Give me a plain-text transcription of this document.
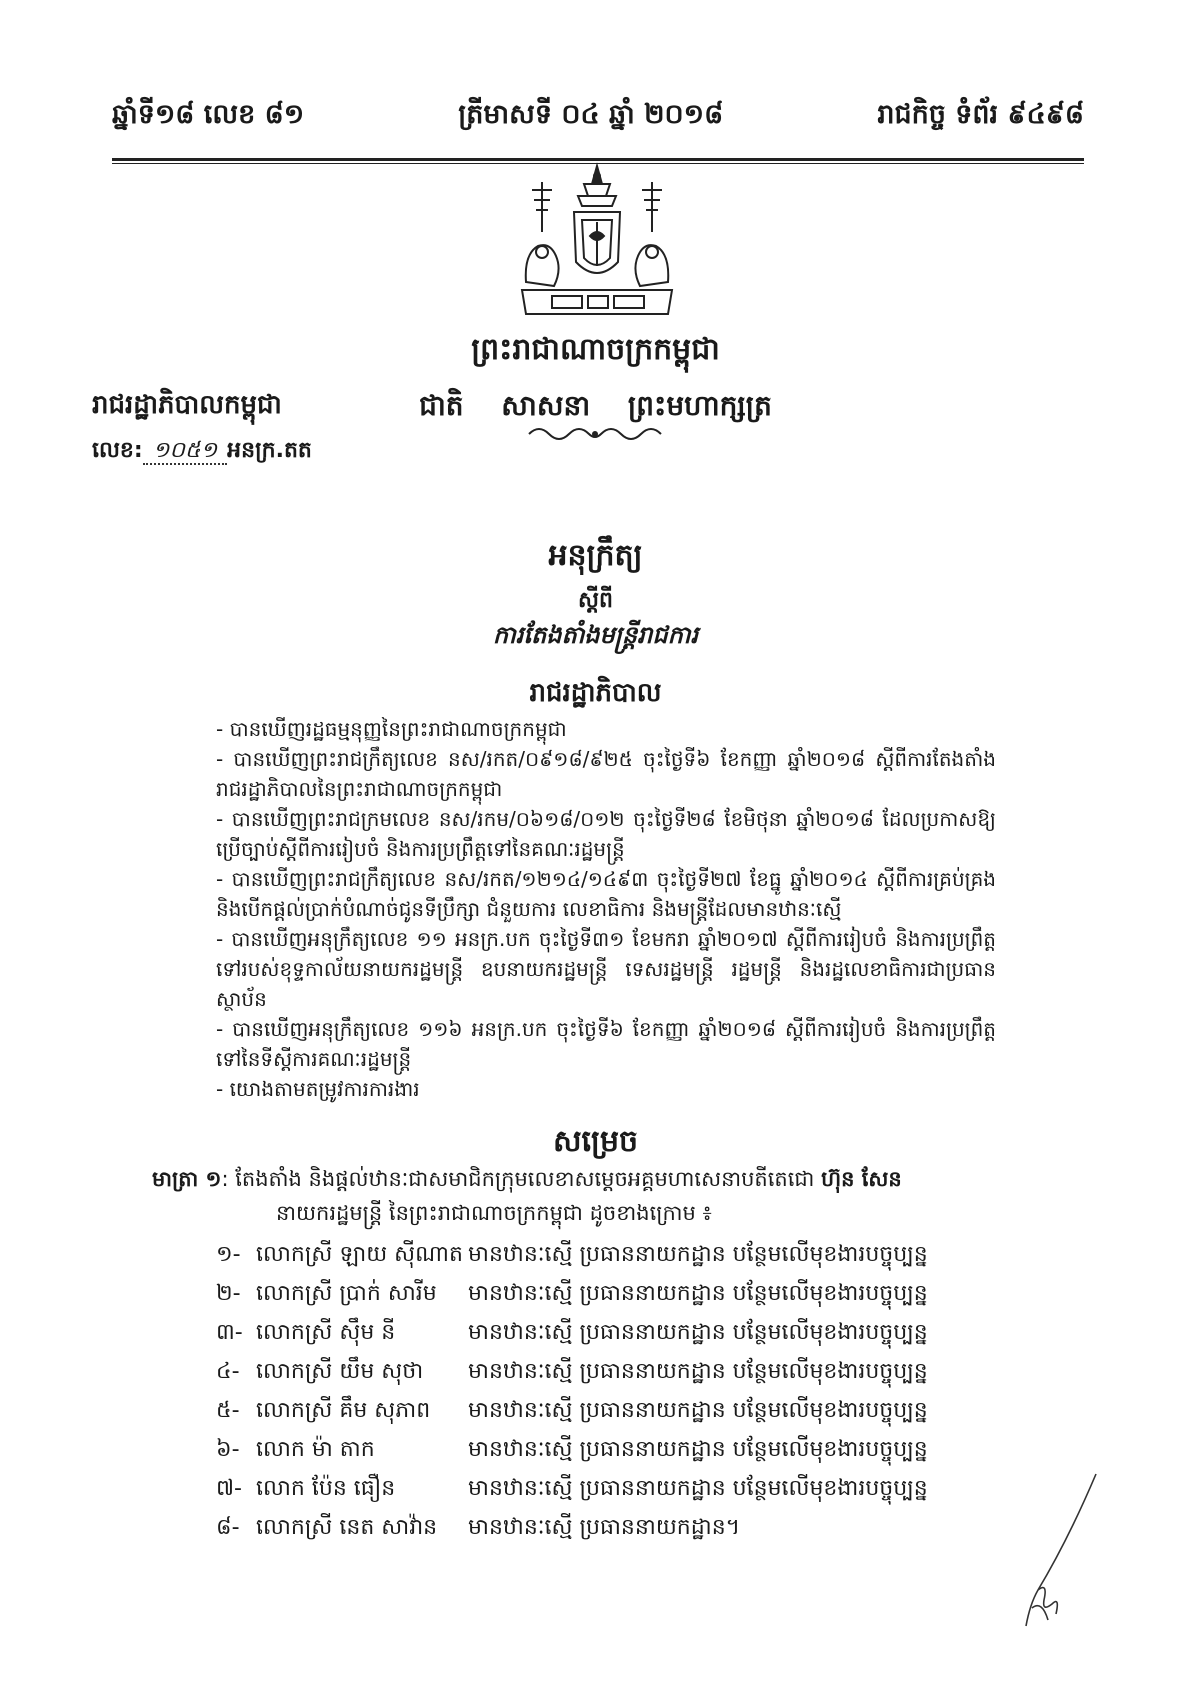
ឆ្នាំទី១៨ លេខ ៨១	ត្រីមាសទី ០៤ ឆ្នាំ ២០១៨	រាជកិច្ច ទំព័រ ៩៤៩៨
ព្រះរាជាណាចក្រកម្ពុជា
ជាតិ សាសនា ព្រះមហាក្សត្រ
រាជរដ្ឋាភិបាលកម្ពុជា
លេខ: ១០៥១ អនក្រ.តត
អនុក្រឹត្យ
ស្តីពី
ការតែងតាំងមន្ត្រីរាជការ
រាជរដ្ឋាភិបាល
- បានឃើញរដ្ឋធម្មនុញ្ញនៃព្រះរាជាណាចក្រកម្ពុជា
- បានឃើញព្រះរាជក្រឹត្យលេខ នស/រកត/០៩១៨/៩២៥ ចុះថ្ងៃទី៦ ខែកញ្ញា ឆ្នាំ២០១៨ ស្តីពីការតែងតាំងរាជរដ្ឋាភិបាលនៃព្រះរាជាណាចក្រកម្ពុជា
- បានឃើញព្រះរាជក្រមលេខ នស/រកម/០៦១៨/០១២ ចុះថ្ងៃទី២៨ ខែមិថុនា ឆ្នាំ២០១៨ ដែលប្រកាសឱ្យប្រើច្បាប់ស្តីពីការរៀបចំ និងការប្រព្រឹត្តទៅនៃគណៈរដ្ឋមន្ត្រី
- បានឃើញព្រះរាជក្រឹត្យលេខ នស/រកត/១២១៤/១៤៩៣ ចុះថ្ងៃទី២៧ ខែធ្នូ ឆ្នាំ២០១៤ ស្តីពីការគ្រប់គ្រង និងបើកផ្តល់ប្រាក់បំណាច់ជូនទីប្រឹក្សា ជំនួយការ លេខាធិការ និងមន្ត្រីដែលមានឋានៈស្មើ
- បានឃើញអនុក្រឹត្យលេខ ១១ អនក្រ.បក ចុះថ្ងៃទី៣១ ខែមករា ឆ្នាំ២០១៧ ស្តីពីការរៀបចំ និងការប្រព្រឹត្តទៅរបស់ខុទ្ទកាល័យនាយករដ្ឋមន្ត្រី ឧបនាយករដ្ឋមន្ត្រី ទេសរដ្ឋមន្ត្រី រដ្ឋមន្ត្រី និងរដ្ឋលេខាធិការជាប្រធានស្ថាប័ន
- បានឃើញអនុក្រឹត្យលេខ ១១៦ អនក្រ.បក ចុះថ្ងៃទី៦ ខែកញ្ញា ឆ្នាំ២០១៨ ស្តីពីការរៀបចំ និងការប្រព្រឹត្តទៅនៃទីស្តីការគណៈរដ្ឋមន្ត្រី
- យោងតាមតម្រូវការការងារ
សម្រេច
មាត្រា ១: តែងតាំង និងផ្តល់ឋានៈជាសមាជិកក្រុមលេខាសម្តេចអគ្គមហាសេនាបតីតេជោ ហ៊ុន សែន
នាយករដ្ឋមន្ត្រី នៃព្រះរាជាណាចក្រកម្ពុជា ដូចខាងក្រោម ៖
១- លោកស្រី ឡាយ ស៊ីណាត មានឋានៈស្មើ ប្រធាននាយកដ្ឋាន បន្ថែមលើមុខងារបច្ចុប្បន្ន
២- លោកស្រី ប្រាក់ សារីម	មានឋានៈស្មើ ប្រធាននាយកដ្ឋាន បន្ថែមលើមុខងារបច្ចុប្បន្ន
៣- លោកស្រី ស៊ឹម នី	មានឋានៈស្មើ ប្រធាននាយកដ្ឋាន បន្ថែមលើមុខងារបច្ចុប្បន្ន
៤- លោកស្រី យឹម សុថា	មានឋានៈស្មើ ប្រធាននាយកដ្ឋាន បន្ថែមលើមុខងារបច្ចុប្បន្ន
៥- លោកស្រី គឹម សុភាព	មានឋានៈស្មើ ប្រធាននាយកដ្ឋាន បន្ថែមលើមុខងារបច្ចុប្បន្ន
៦- លោក ម៉ា តាក	មានឋានៈស្មើ ប្រធាននាយកដ្ឋាន បន្ថែមលើមុខងារបច្ចុប្បន្ន
៧- លោក ប៉ែន ធឿន	មានឋានៈស្មើ ប្រធាននាយកដ្ឋាន បន្ថែមលើមុខងារបច្ចុប្បន្ន
៨- លោកស្រី នេត សាវ៉ាន	មានឋានៈស្មើ ប្រធាននាយកដ្ឋាន។
